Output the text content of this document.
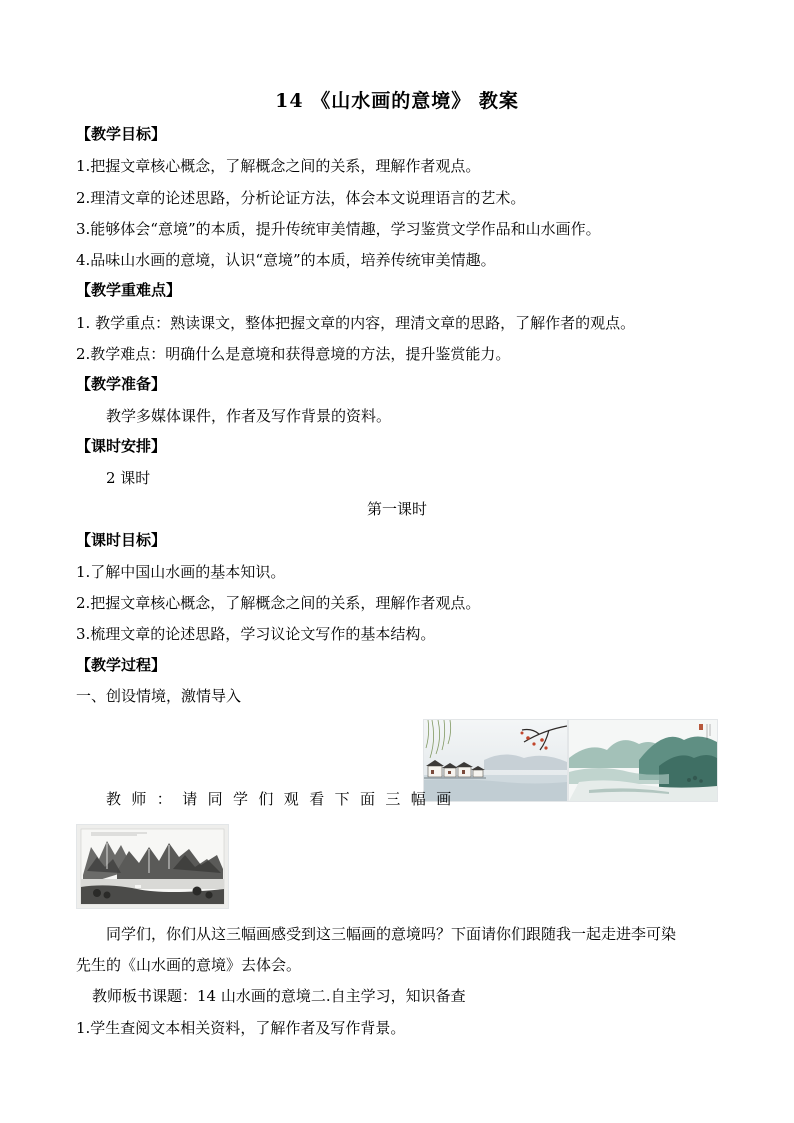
14 《山水画的意境》 教案
【教学目标】
1.把握文章核心概念，了解概念之间的关系，理解作者观点。
2.理清文章的论述思路，分析论证方法，体会本文说理语言的艺术。
3.能够体会“意境”的本质，提升传统审美情趣，学习鉴赏文学作品和山水画作。
4.品味山水画的意境，认识“意境”的本质，培养传统审美情趣。
【教学重难点】
1. 教学重点：熟读课文，整体把握文章的内容，理清文章的思路，了解作者的观点。
2.教学难点：明确什么是意境和获得意境的方法，提升鉴赏能力。
【教学准备】
教学多媒体课件，作者及写作背景的资料。
【课时安排】
2 课时
第一课时
【课时目标】
1.了解中国山水画的基本知识。
2.把握文章核心概念，了解概念之间的关系，理解作者观点。
3.梳理文章的论述思路，学习议论文写作的基本结构。
【教学过程】
一、创设情境，激情导入
教师：请同学们观看下面三幅画
同学们，你们从这三幅画感受到这三幅画的意境吗？下面请你们跟随我一起走进李可染
先生的《山水画的意境》去体会。
教师板书课题：14 山水画的意境二.自主学习，知识备查
1.学生查阅文本相关资料，了解作者及写作背景。
